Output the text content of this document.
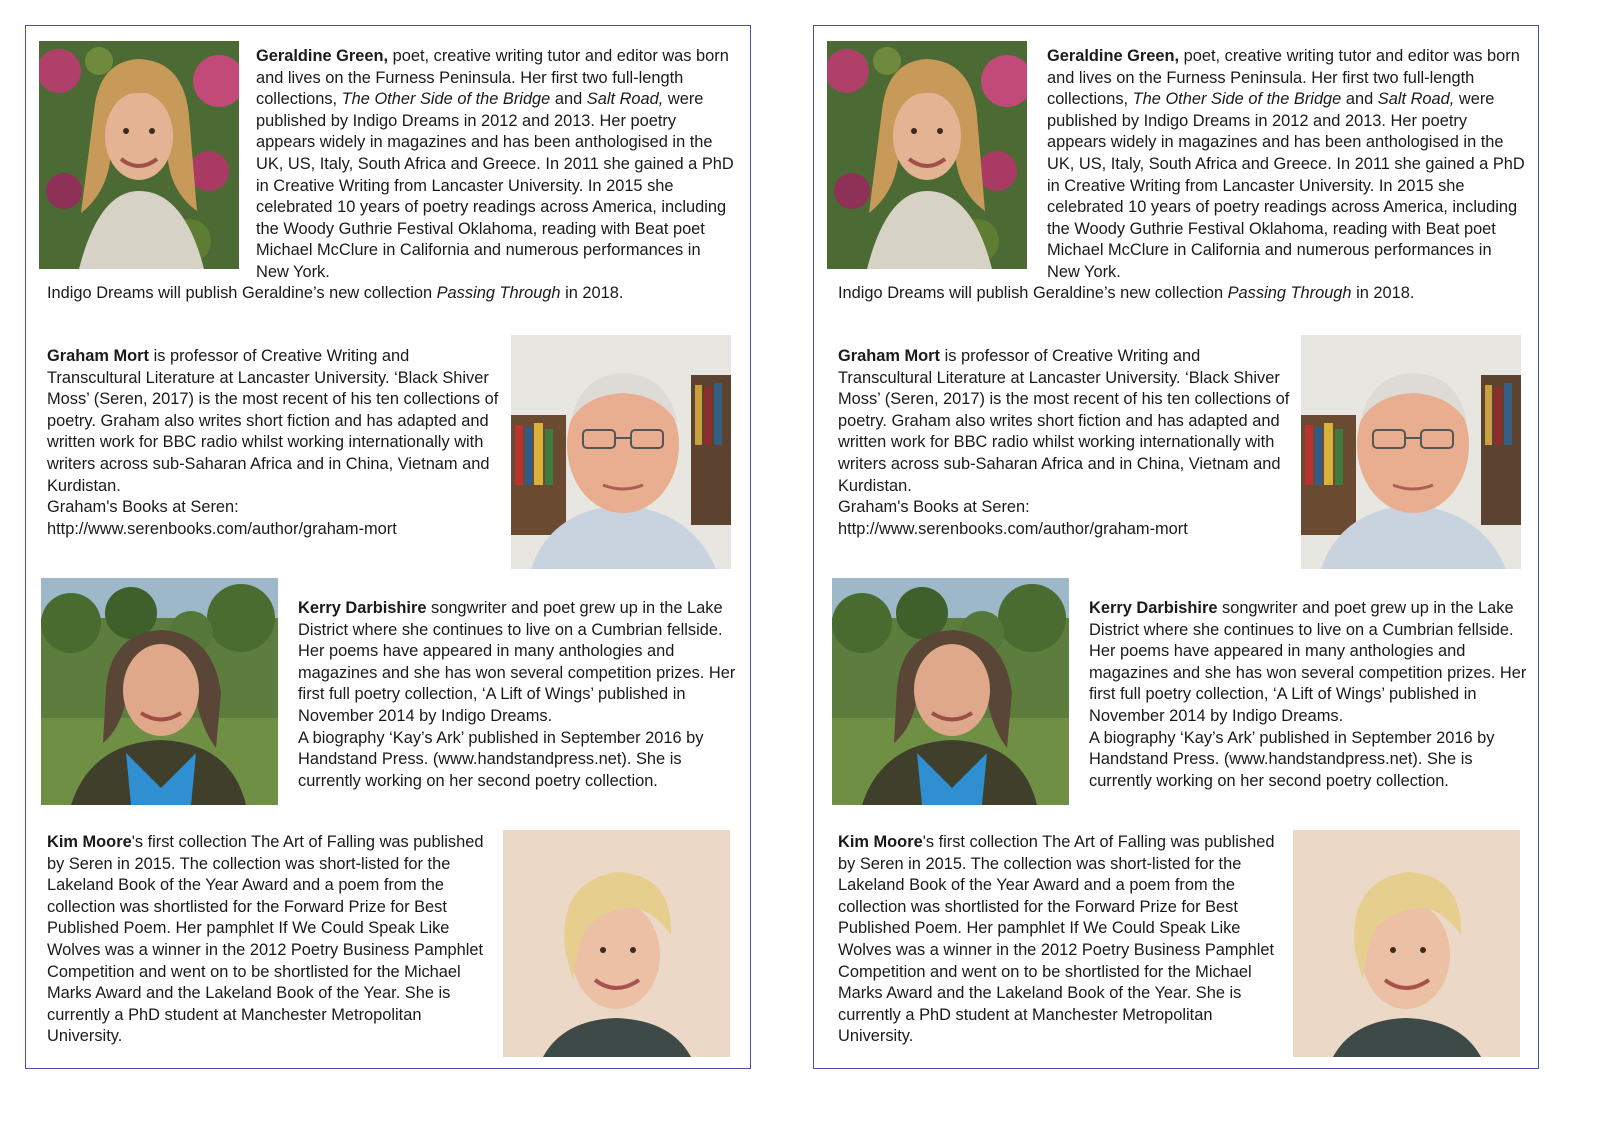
Geraldine Green, poet, creative writing tutor and editor was born and lives on the Furness Peninsula. Her first two full-length collections, The Other Side of the Bridge and Salt Road, were published by Indigo Dreams in 2012 and 2013. Her poetry appears widely in magazines and has been anthologised in the UK, US, Italy, South Africa and Greece. In 2011 she gained a PhD in Creative Writing from Lancaster University. In 2015 she celebrated 10 years of poetry readings across America, including the Woody Guthrie Festival Oklahoma, reading with Beat poet Michael McClure in California and numerous performances in New York.

Indigo Dreams will publish Geraldine’s new collection Passing Through in 2018.

Graham Mort is professor of Creative Writing and Transcultural Literature at Lancaster University. ‘Black Shiver Moss’ (Seren, 2017) is the most recent of his ten collections of poetry. Graham also writes short fiction and has adapted and written work for BBC radio whilst working internationally with writers across sub-Saharan Africa and in China, Vietnam and Kurdistan.
Graham's Books at Seren:
http://www.serenbooks.com/author/graham-mort

Kerry Darbishire songwriter and poet grew up in the Lake District where she continues to live on a Cumbrian fellside. Her poems have appeared in many anthologies and magazines and she has won several competition prizes. Her first full poetry collection, ‘A Lift of Wings’ published in November 2014 by Indigo Dreams.
A biography ‘Kay’s Ark’ published in September 2016 by Handstand Press. (www.handstandpress.net). She is currently working on her second poetry collection.

Kim Moore's first collection The Art of Falling was published by Seren in 2015. The collection was short-listed for the Lakeland Book of the Year Award and a poem from the collection was shortlisted for the Forward Prize for Best Published Poem. Her pamphlet If We Could Speak Like Wolves was a winner in the 2012 Poetry Business Pamphlet Competition and went on to be shortlisted for the Michael Marks Award and the Lakeland Book of the Year. She is currently a PhD student at Manchester Metropolitan University.

Geraldine Green, poet, creative writing tutor and editor was born and lives on the Furness Peninsula. Her first two full-length collections, The Other Side of the Bridge and Salt Road, were published by Indigo Dreams in 2012 and 2013. Her poetry appears widely in magazines and has been anthologised in the UK, US, Italy, South Africa and Greece. In 2011 she gained a PhD in Creative Writing from Lancaster University. In 2015 she celebrated 10 years of poetry readings across America, including the Woody Guthrie Festival Oklahoma, reading with Beat poet Michael McClure in California and numerous performances in New York.

Indigo Dreams will publish Geraldine’s new collection Passing Through in 2018.

Graham Mort is professor of Creative Writing and Transcultural Literature at Lancaster University. ‘Black Shiver Moss’ (Seren, 2017) is the most recent of his ten collections of poetry. Graham also writes short fiction and has adapted and written work for BBC radio whilst working internationally with writers across sub-Saharan Africa and in China, Vietnam and Kurdistan.
Graham's Books at Seren:
http://www.serenbooks.com/author/graham-mort

Kerry Darbishire songwriter and poet grew up in the Lake District where she continues to live on a Cumbrian fellside. Her poems have appeared in many anthologies and magazines and she has won several competition prizes. Her first full poetry collection, ‘A Lift of Wings’ published in November 2014 by Indigo Dreams.
A biography ‘Kay’s Ark’ published in September 2016 by Handstand Press. (www.handstandpress.net). She is currently working on her second poetry collection.

Kim Moore's first collection The Art of Falling was published by Seren in 2015. The collection was short-listed for the Lakeland Book of the Year Award and a poem from the collection was shortlisted for the Forward Prize for Best Published Poem. Her pamphlet If We Could Speak Like Wolves was a winner in the 2012 Poetry Business Pamphlet Competition and went on to be shortlisted for the Michael Marks Award and the Lakeland Book of the Year. She is currently a PhD student at Manchester Metropolitan University.
